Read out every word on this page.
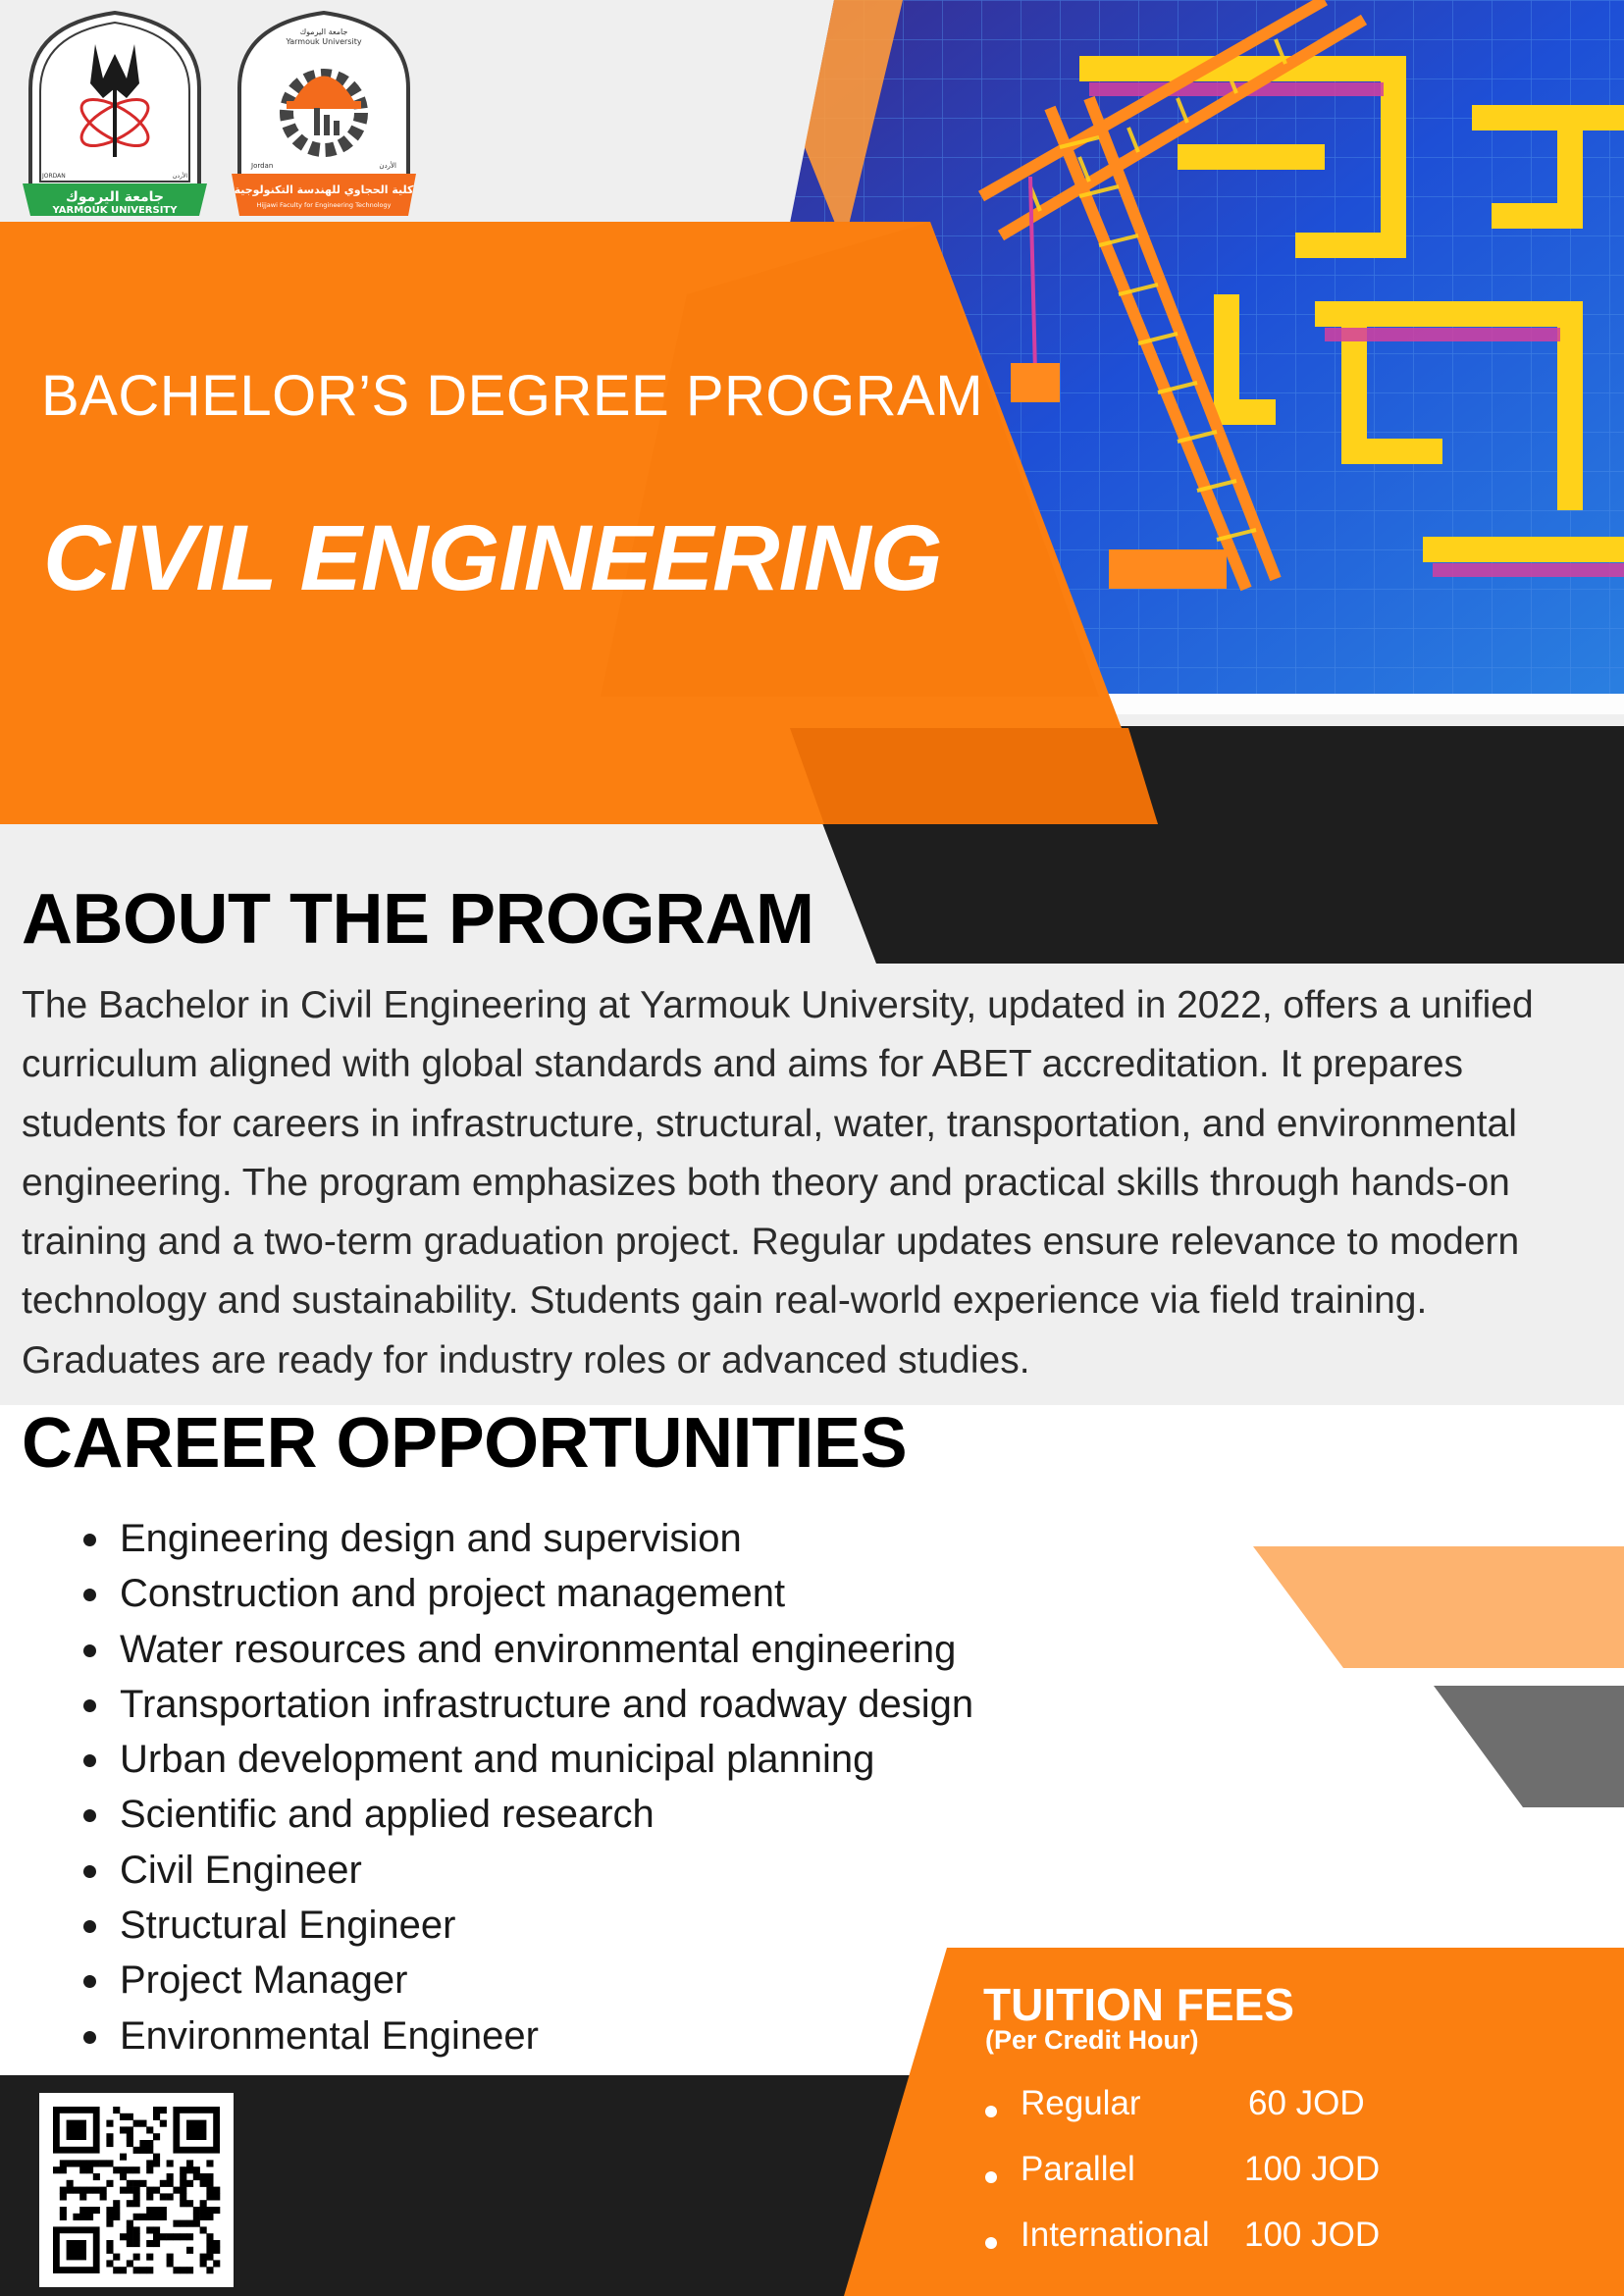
جامعة اليرموك
YARMOUK UNIVERSITY
JORDAN	الأردن
جامعة اليرموك
Yarmouk University
Jordan	الأردن
كلية الحجاوي للهندسة التكنولوجية
Hijjawi Faculty for Engineering Technology
BACHELOR’S DEGREE PROGRAM
CIVIL ENGINEERING
ABOUT THE PROGRAM

The Bachelor in Civil Engineering at Yarmouk University, updated in 2022, offers a unified curriculum aligned with global standards and aims for ABET accreditation. It prepares students for careers in infrastructure, structural, water, transportation, and environmental engineering. The program emphasizes both theory and practical skills through hands-on training and a two-term graduation project. Regular updates ensure relevance to modern technology and sustainability. Students gain real-world experience via field training. Graduates are ready for industry roles or advanced studies.

CAREER OPPORTUNITIES
Engineering design and supervision
Construction and project management
Water resources and environmental engineering
Transportation infrastructure and roadway design
Urban development and municipal planning
Scientific and applied research
Civil Engineer
Structural Engineer
Project Manager
Environmental Engineer
TUITION FEES
(Per Credit Hour)
Regular	60 JOD
Parallel	100 JOD
International 100 JOD
